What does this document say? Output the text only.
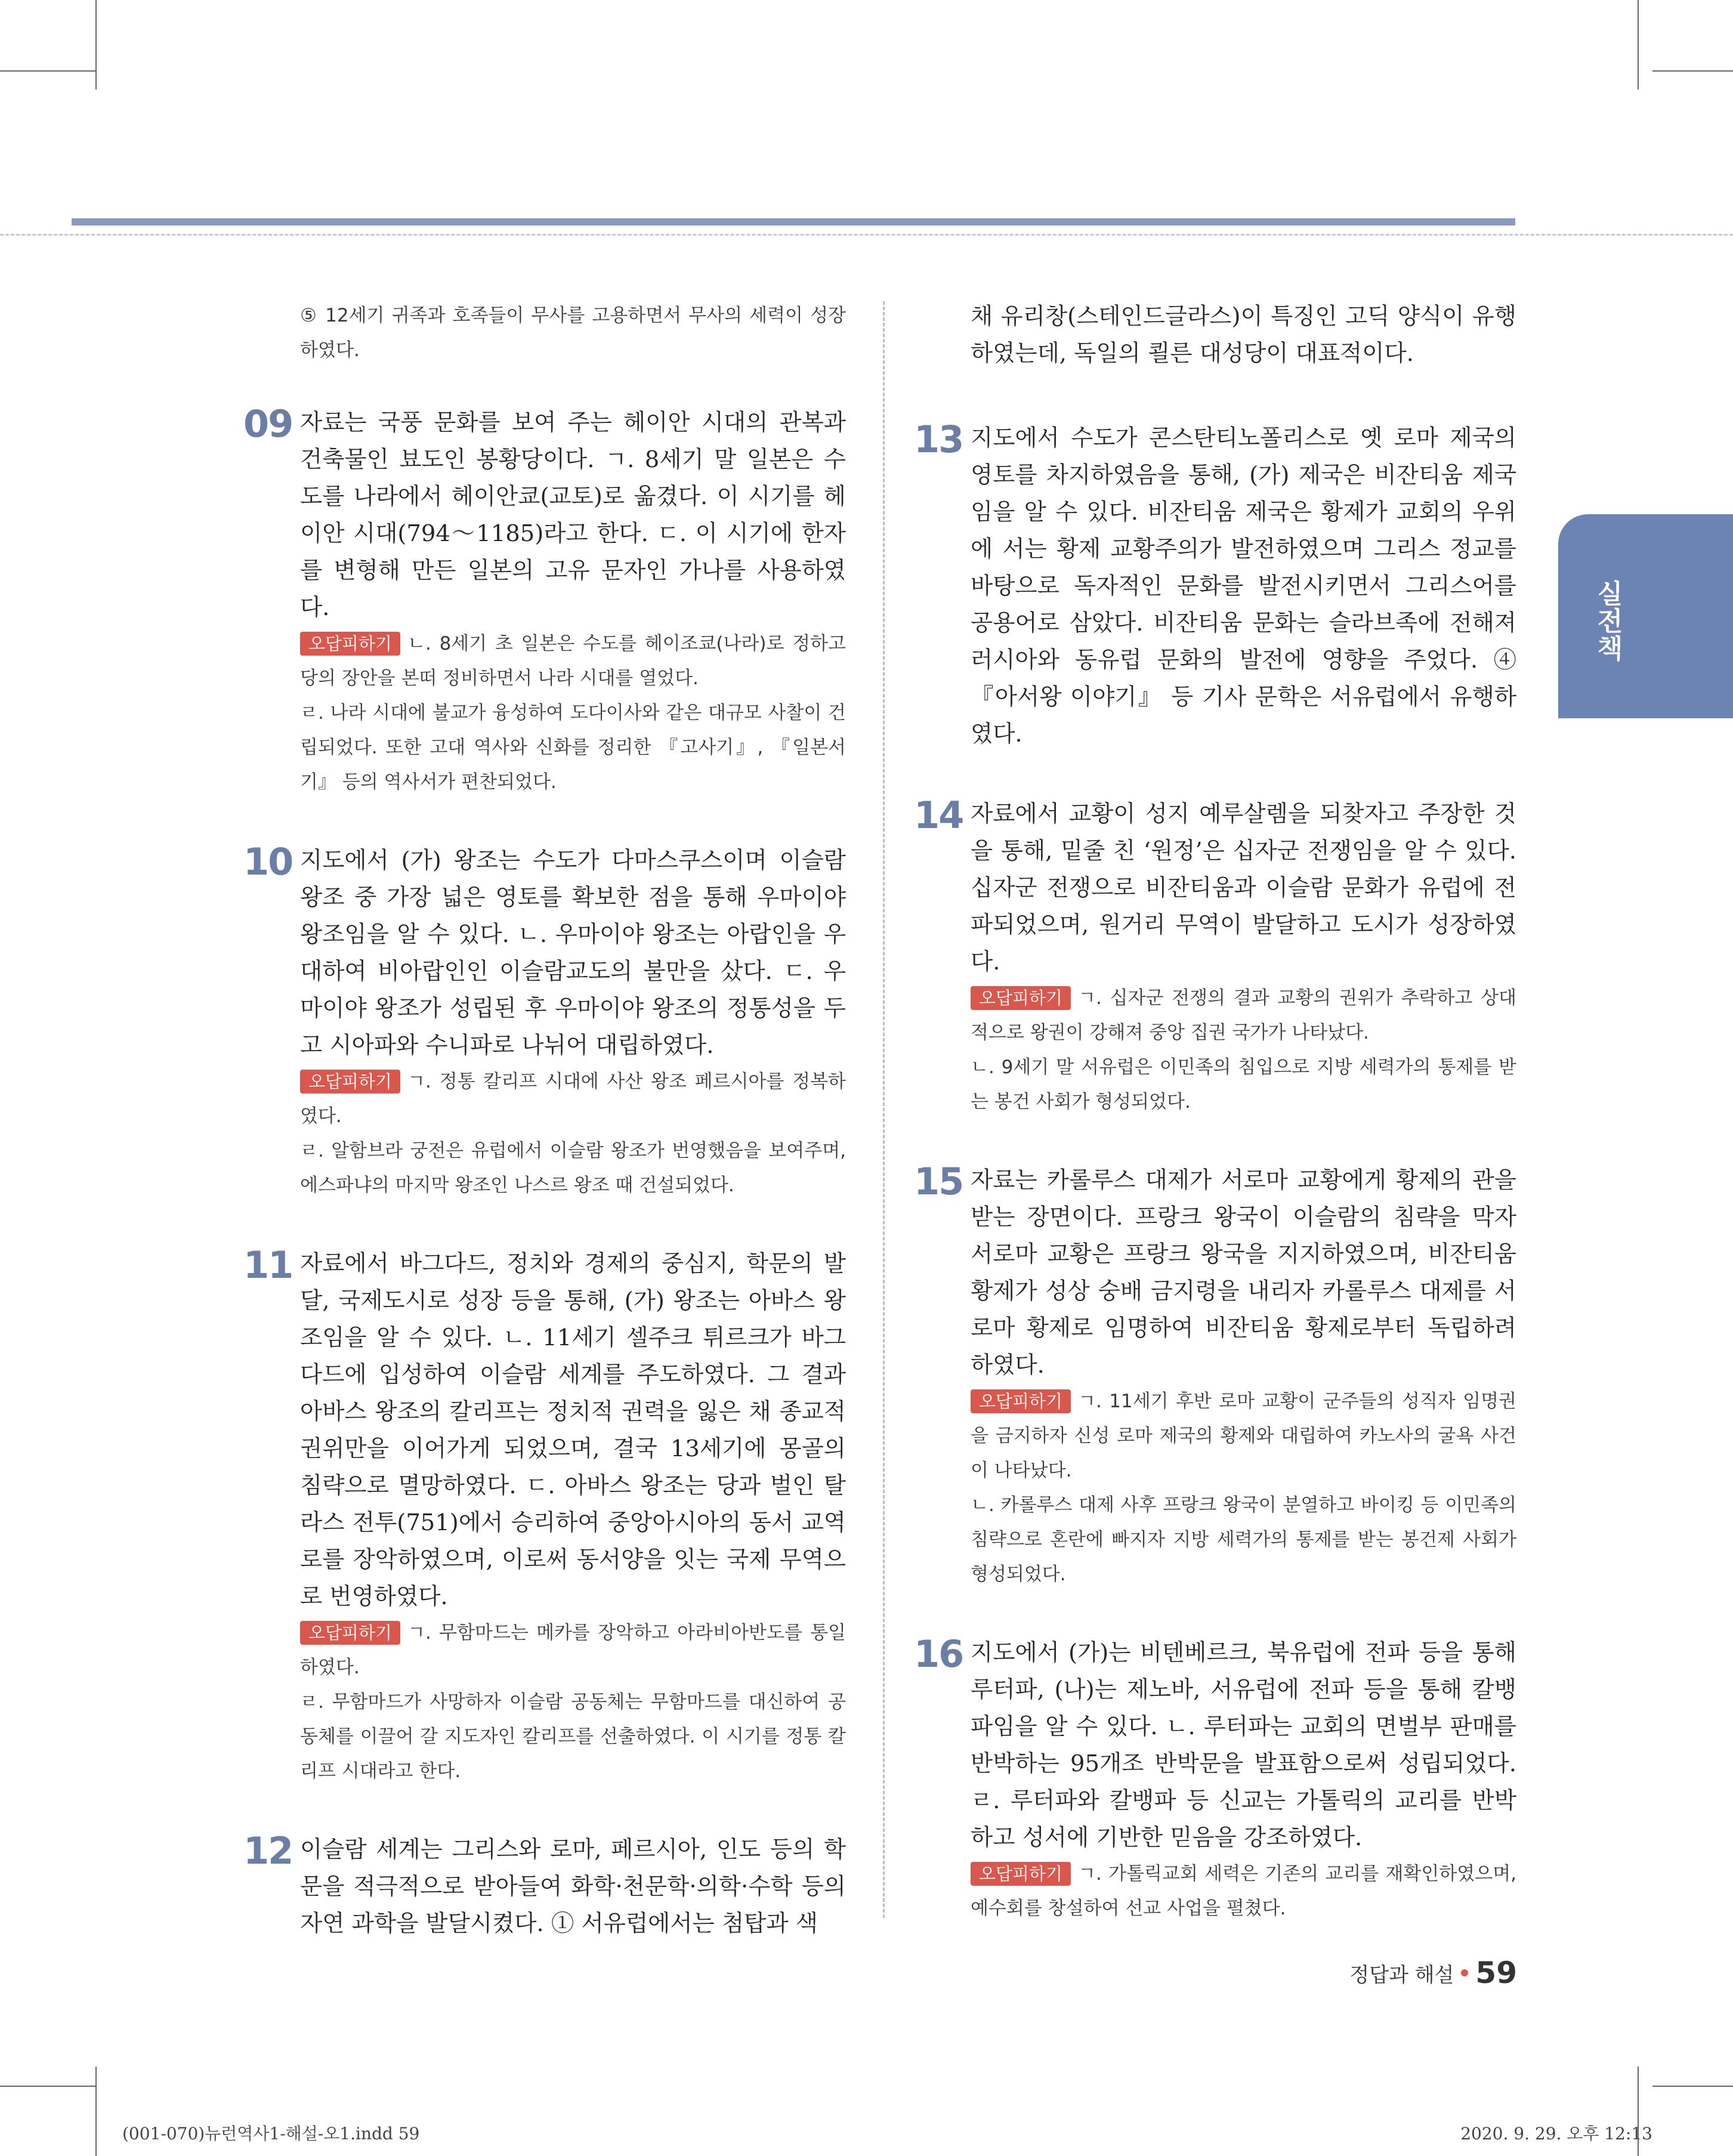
실전책
⑤ 12세기 귀족과 호족들이 무사를 고용하면서 무사의 세력이 성장하였다.
09 자료는 국풍 문화를 보여 주는 헤이안 시대의 관복과 건축물인 뵤도인 봉황당이다. ㄱ. 8세기 말 일본은 수도를 나라에서 헤이안쿄(교토)로 옮겼다. 이 시기를 헤이안 시대(794～1185)라고 한다. ㄷ. 이 시기에 한자를 변형해 만든 일본의 고유 문자인 가나를 사용하였다.

오답피하기 ㄴ. 8세기 초 일본은 수도를 헤이조쿄(나라)로 정하고 당의 장안을 본떠 정비하면서 나라 시대를 열었다.

ㄹ. 나라 시대에 불교가 융성하여 도다이사와 같은 대규모 사찰이 건립되었다. 또한 고대 역사와 신화를 정리한 『고사기』, 『일본서기』 등의 역사서가 편찬되었다.

10 지도에서 (가) 왕조는 수도가 다마스쿠스이며 이슬람 왕조 중 가장 넓은 영토를 확보한 점을 통해 우마이야 왕조임을 알 수 있다. ㄴ. 우마이야 왕조는 아랍인을 우대하여 비아랍인인 이슬람교도의 불만을 샀다. ㄷ. 우마이야 왕조가 성립된 후 우마이야 왕조의 정통성을 두고 시아파와 수니파로 나뉘어 대립하였다.

오답피하기 ㄱ. 정통 칼리프 시대에 사산 왕조 페르시아를 정복하였다.

ㄹ. 알함브라 궁전은 유럽에서 이슬람 왕조가 번영했음을 보여주며, 에스파냐의 마지막 왕조인 나스르 왕조 때 건설되었다.

11 자료에서 바그다드, 정치와 경제의 중심지, 학문의 발달, 국제도시로 성장 등을 통해, (가) 왕조는 아바스 왕조임을 알 수 있다. ㄴ. 11세기 셀주크 튀르크가 바그다드에 입성하여 이슬람 세계를 주도하였다. 그 결과 아바스 왕조의 칼리프는 정치적 권력을 잃은 채 종교적 권위만을 이어가게 되었으며, 결국 13세기에 몽골의 침략으로 멸망하였다. ㄷ. 아바스 왕조는 당과 벌인 탈라스 전투(751)에서 승리하여 중앙아시아의 동서 교역로를 장악하였으며, 이로써 동서양을 잇는 국제 무역으로 번영하였다.

오답피하기 ㄱ. 무함마드는 메카를 장악하고 아라비아반도를 통일하였다.

ㄹ. 무함마드가 사망하자 이슬람 공동체는 무함마드를 대신하여 공동체를 이끌어 갈 지도자인 칼리프를 선출하였다. 이 시기를 정통 칼리프 시대라고 한다.

12 이슬람 세계는 그리스와 로마, 페르시아, 인도 등의 학문을 적극적으로 받아들여 화학·천문학·의학·수학 등의 자연 과학을 발달시켰다. ① 서유럽에서는 첨탑과 색
채 유리창(스테인드글라스)이 특징인 고딕 양식이 유행하였는데, 독일의 쾰른 대성당이 대표적이다.
13 지도에서 수도가 콘스탄티노폴리스로 옛 로마 제국의 영토를 차지하였음을 통해, (가) 제국은 비잔티움 제국임을 알 수 있다. 비잔티움 제국은 황제가 교회의 우위에 서는 황제 교황주의가 발전하였으며 그리스 정교를 바탕으로 독자적인 문화를 발전시키면서 그리스어를 공용어로 삼았다. 비잔티움 문화는 슬라브족에 전해져 러시아와 동유럽 문화의 발전에 영향을 주었다. ④ 『아서왕 이야기』 등 기사 문학은 서유럽에서 유행하였다.
14 자료에서 교황이 성지 예루살렘을 되찾자고 주장한 것을 통해, 밑줄 친 ‘원정’은 십자군 전쟁임을 알 수 있다. 십자군 전쟁으로 비잔티움과 이슬람 문화가 유럽에 전파되었으며, 원거리 무역이 발달하고 도시가 성장하였다.

오답피하기 ㄱ. 십자군 전쟁의 결과 교황의 권위가 추락하고 상대적으로 왕권이 강해져 중앙 집권 국가가 나타났다.

ㄴ. 9세기 말 서유럽은 이민족의 침입으로 지방 세력가의 통제를 받는 봉건 사회가 형성되었다.

15 자료는 카롤루스 대제가 서로마 교황에게 황제의 관을 받는 장면이다. 프랑크 왕국이 이슬람의 침략을 막자 서로마 교황은 프랑크 왕국을 지지하였으며, 비잔티움 황제가 성상 숭배 금지령을 내리자 카롤루스 대제를 서로마 황제로 임명하여 비잔티움 황제로부터 독립하려 하였다.

오답피하기 ㄱ. 11세기 후반 로마 교황이 군주들의 성직자 임명권을 금지하자 신성 로마 제국의 황제와 대립하여 카노사의 굴욕 사건이 나타났다.

ㄴ. 카롤루스 대제 사후 프랑크 왕국이 분열하고 바이킹 등 이민족의 침략으로 혼란에 빠지자 지방 세력가의 통제를 받는 봉건제 사회가 형성되었다.

16 지도에서 (가)는 비텐베르크, 북유럽에 전파 등을 통해 루터파, (나)는 제노바, 서유럽에 전파 등을 통해 칼뱅파임을 알 수 있다. ㄴ. 루터파는 교회의 면벌부 판매를 반박하는 95개조 반박문을 발표함으로써 성립되었다. ㄹ. 루터파와 칼뱅파 등 신교는 가톨릭의 교리를 반박하고 성서에 기반한 믿음을 강조하였다.

오답피하기 ㄱ. 가톨릭교회 세력은 기존의 교리를 재확인하였으며, 예수회를 창설하여 선교 사업을 펼쳤다.

정답과 해설 59
(001-070)뉴런역사1-해설-오1.indd 59	2020. 9. 29. 오후 12:13
